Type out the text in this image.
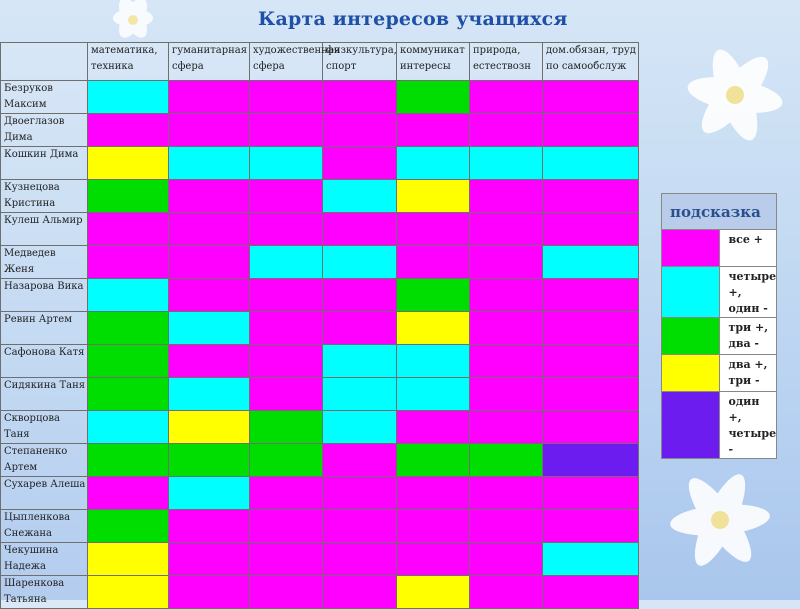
Карта интересов учащихся
	математика, техника	гуманитарная сфера	художественная сфера	физкультура, спорт	коммуникат интересы	природа, естествозн	дом.обязан, труд по самообслуж
Безруков Максим							
Двоеглазов Дима							
Кошкин Дима							
Кузнецова Кристина							
Кулеш Альмир							
Медведев Женя							
Назарова Вика							
Ревин Артем							
Сафонова Катя							
Сидякина Таня							
Скворцова Таня							
Степаненко Артем							
Сухарев Алеша							
Цыпленкова Снежана							
Чекушина Надежа							
Шаренкова Татьяна							
подсказка	
	все +
	четыре +, один -
	три +, два -
	два +, три -
	один +, четыре -
